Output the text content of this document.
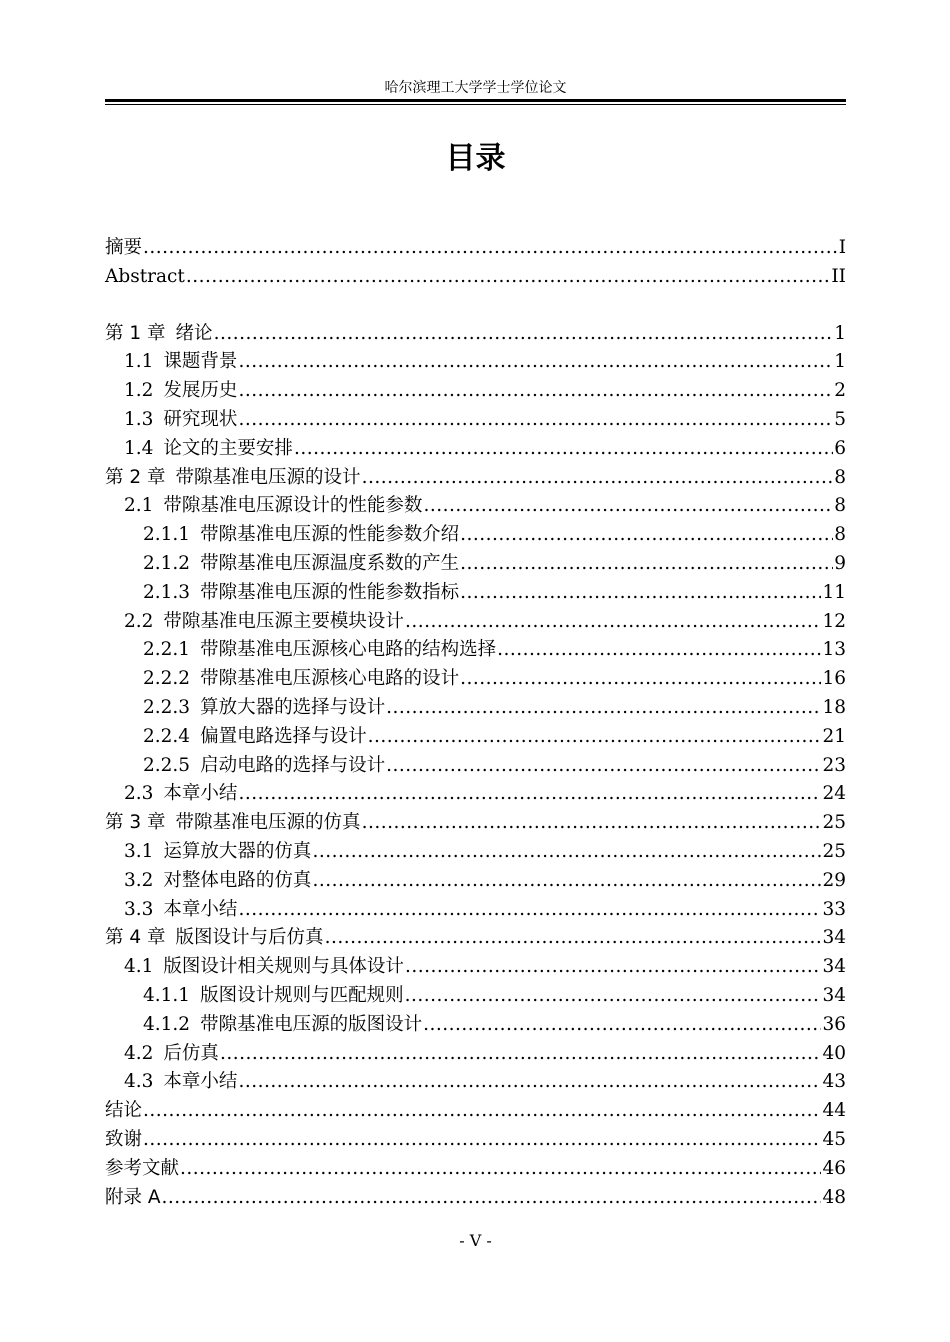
哈尔滨理工大学学士学位论文
目录
摘要 .....	I
Abstract .....	II
第 1 章 绪论 .....	1
1.1 课题背景 .....	1
1.2 发展历史 .....	2
1.3 研究现状 .....	5
1.4 论文的主要安排 .....	6
第 2 章 带隙基准电压源的设计 .....	8
2.1 带隙基准电压源设计的性能参数 .....	8
2.1.1 带隙基准电压源的性能参数介绍 .....	8
2.1.2 带隙基准电压源温度系数的产生 .....	9
2.1.3 带隙基准电压源的性能参数指标 .....	11
2.2 带隙基准电压源主要模块设计 .....	12
2.2.1 带隙基准电压源核心电路的结构选择 .....	13
2.2.2 带隙基准电压源核心电路的设计 .....	16
2.2.3 算放大器的选择与设计 .....	18
2.2.4 偏置电路选择与设计 .....	21
2.2.5 启动电路的选择与设计 .....	23
2.3 本章小结 .....	24
第 3 章 带隙基准电压源的仿真 .....	25
3.1 运算放大器的仿真 .....	25
3.2 对整体电路的仿真 .....	29
3.3 本章小结 .....	33
第 4 章 版图设计与后仿真 .....	34
4.1 版图设计相关规则与具体设计 .....	34
4.1.1 版图设计规则与匹配规则 .....	34
4.1.2 带隙基准电压源的版图设计 .....	36
4.2 后仿真 .....	40
4.3 本章小结 .....	43
结论 .....	44
致谢 .....	45
参考文献 .....	46
附录 A .....	48
- V -
